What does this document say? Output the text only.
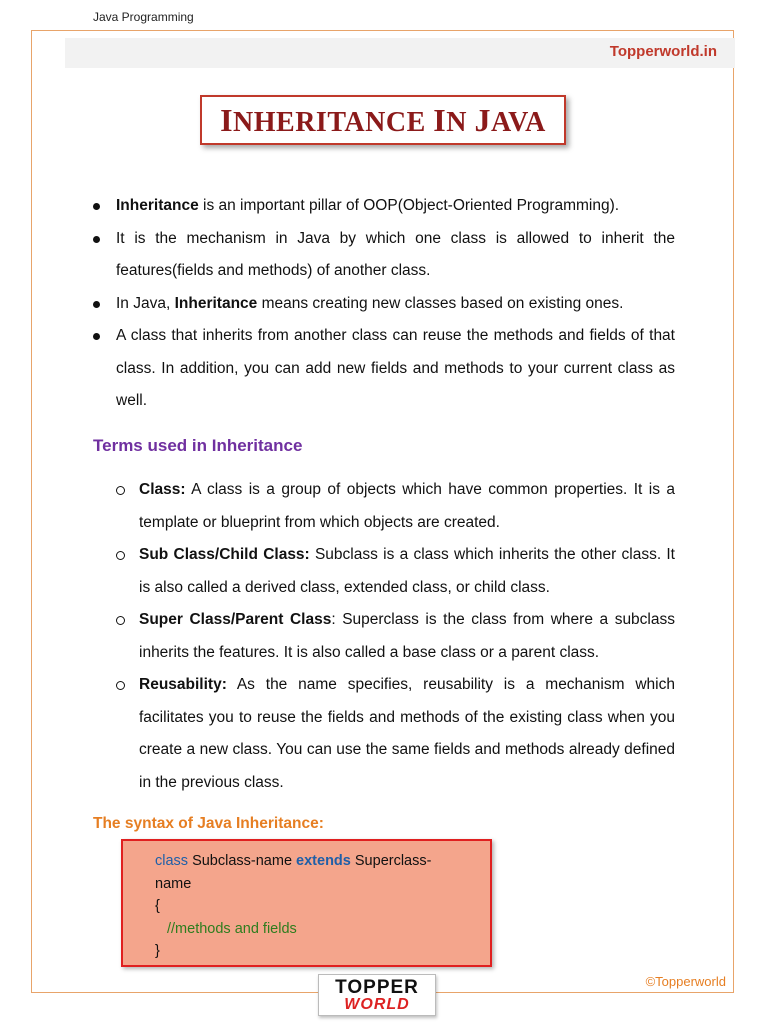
Java Programming
Topperworld.in
INHERITANCE IN JAVA
Inheritance is an important pillar of OOP(Object-Oriented Programming).
It is the mechanism in Java by which one class is allowed to inherit the features(fields and methods) of another class.
In Java, Inheritance means creating new classes based on existing ones.
A class that inherits from another class can reuse the methods and fields of that class. In addition, you can add new fields and methods to your current class as well.
Terms used in Inheritance
Class: A class is a group of objects which have common properties. It is a template or blueprint from which objects are created.
Sub Class/Child Class: Subclass is a class which inherits the other class. It is also called a derived class, extended class, or child class.
Super Class/Parent Class: Superclass is the class from where a subclass inherits the features. It is also called a base class or a parent class.
Reusability: As the name specifies, reusability is a mechanism which facilitates you to reuse the fields and methods of the existing class when you create a new class. You can use the same fields and methods already defined in the previous class.
The syntax of Java Inheritance:
class Subclass-name extends Superclass-
name
{
//methods and fields
}
TOPPER
WORLD
©Topperworld
